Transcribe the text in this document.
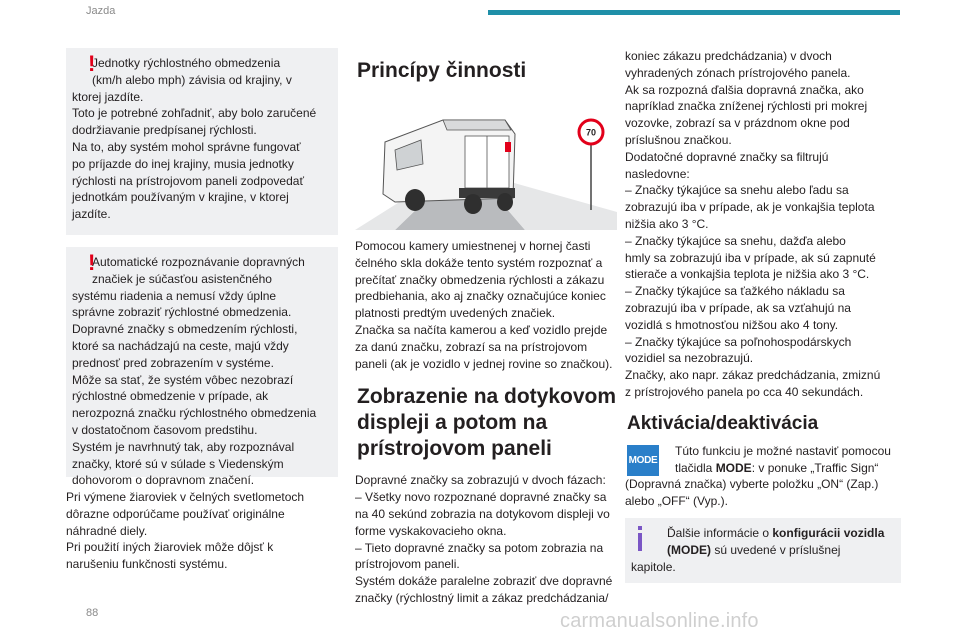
Jazda
!

Jednotky rýchlostného obmedzenia

(km/h alebo mph) závisia od krajiny, v

ktorej jazdíte.

Toto je potrebné zohľadniť, aby bolo zaručené

dodržiavanie predpísanej rýchlosti.

Na to, aby systém mohol správne fungovať

po príjazde do inej krajiny, musia jednotky

rýchlosti na prístrojovom paneli zodpovedať

jednotkám používaným v krajine, v ktorej

jazdíte.

!

Automatické rozpoznávanie dopravných

značiek je súčasťou asistenčného

systému riadenia a nemusí vždy úplne

správne zobraziť rýchlostné obmedzenia.

Dopravné značky s obmedzením rýchlosti,

ktoré sa nachádzajú na ceste, majú vždy

prednosť pred zobrazením v systéme.

Môže sa stať, že systém vôbec nezobrazí

rýchlostné obmedzenie v prípade, ak

nerozpozná značku rýchlostného obmedzenia

v dostatočnom časovom predstihu.

Systém je navrhnutý tak, aby rozpoznával

značky, ktoré sú v súlade s Viedenským

dohovorom o dopravnom značení.

Pri výmene žiaroviek v čelných svetlometoch

dôrazne odporúčame používať originálne

náhradné diely.

Pri použití iných žiaroviek môže dôjsť k

narušeniu funkčnosti systému.

Princípy činnosti
70

Pomocou kamery umiestnenej v hornej časti

čelného skla dokáže tento systém rozpoznať a

prečítať značky obmedzenia rýchlosti a zákazu

predbiehania, ako aj značky označujúce koniec

platnosti predtým uvedených značiek.

Značka sa načíta kamerou a keď vozidlo prejde

za danú značku, zobrazí sa na prístrojovom

paneli (ak je vozidlo v jednej rovine so značkou).

Zobrazenie na dotykovom
displeji a potom na
prístrojovom paneli

Dopravné značky sa zobrazujú v dvoch fázach:

– Všetky novo rozpoznané dopravné značky sa

na 40 sekúnd zobrazia na dotykovom displeji vo

forme vyskakovacieho okna.

– Tieto dopravné značky sa potom zobrazia na

prístrojovom paneli.

Systém dokáže paralelne zobraziť dve dopravné

značky (rýchlostný limit a zákaz predchádzania/

koniec zákazu predchádzania) v dvoch

vyhradených zónach prístrojového panela.

Ak sa rozpozná ďalšia dopravná značka, ako

napríklad značka zníženej rýchlosti pri mokrej

vozovke, zobrazí sa v prázdnom okne pod

príslušnou značkou.

Dodatočné dopravné značky sa filtrujú

nasledovne:

– Značky týkajúce sa snehu alebo ľadu sa

zobrazujú iba v prípade, ak je vonkajšia teplota

nižšia ako 3 °C.

– Značky týkajúce sa snehu, dažďa alebo

hmly sa zobrazujú iba v prípade, ak sú zapnuté

stierače a vonkajšia teplota je nižšia ako 3 °C.

– Značky týkajúce sa ťažkého nákladu sa

zobrazujú iba v prípade, ak sa vzťahujú na

vozidlá s hmotnosťou nižšou ako 4 tony.

– Značky týkajúce sa poľnohospodárskych

vozidiel sa nezobrazujú.

Značky, ako napr. zákaz predchádzania, zmiznú

z prístrojového panela po cca 40 sekundách.

Aktivácia/deaktivácia
MODE

Túto funkciu je možné nastaviť pomocou

tlačidla MODE: v ponuke „Traffic Sign“

(Dopravná značka) vyberte položku „ON“ (Zap.)

alebo „OFF“ (Vyp.).

Ďalšie informácie o konfigurácii vozidla

(MODE) sú uvedené v príslušnej

kapitole.

88	carmanualsonline.info
